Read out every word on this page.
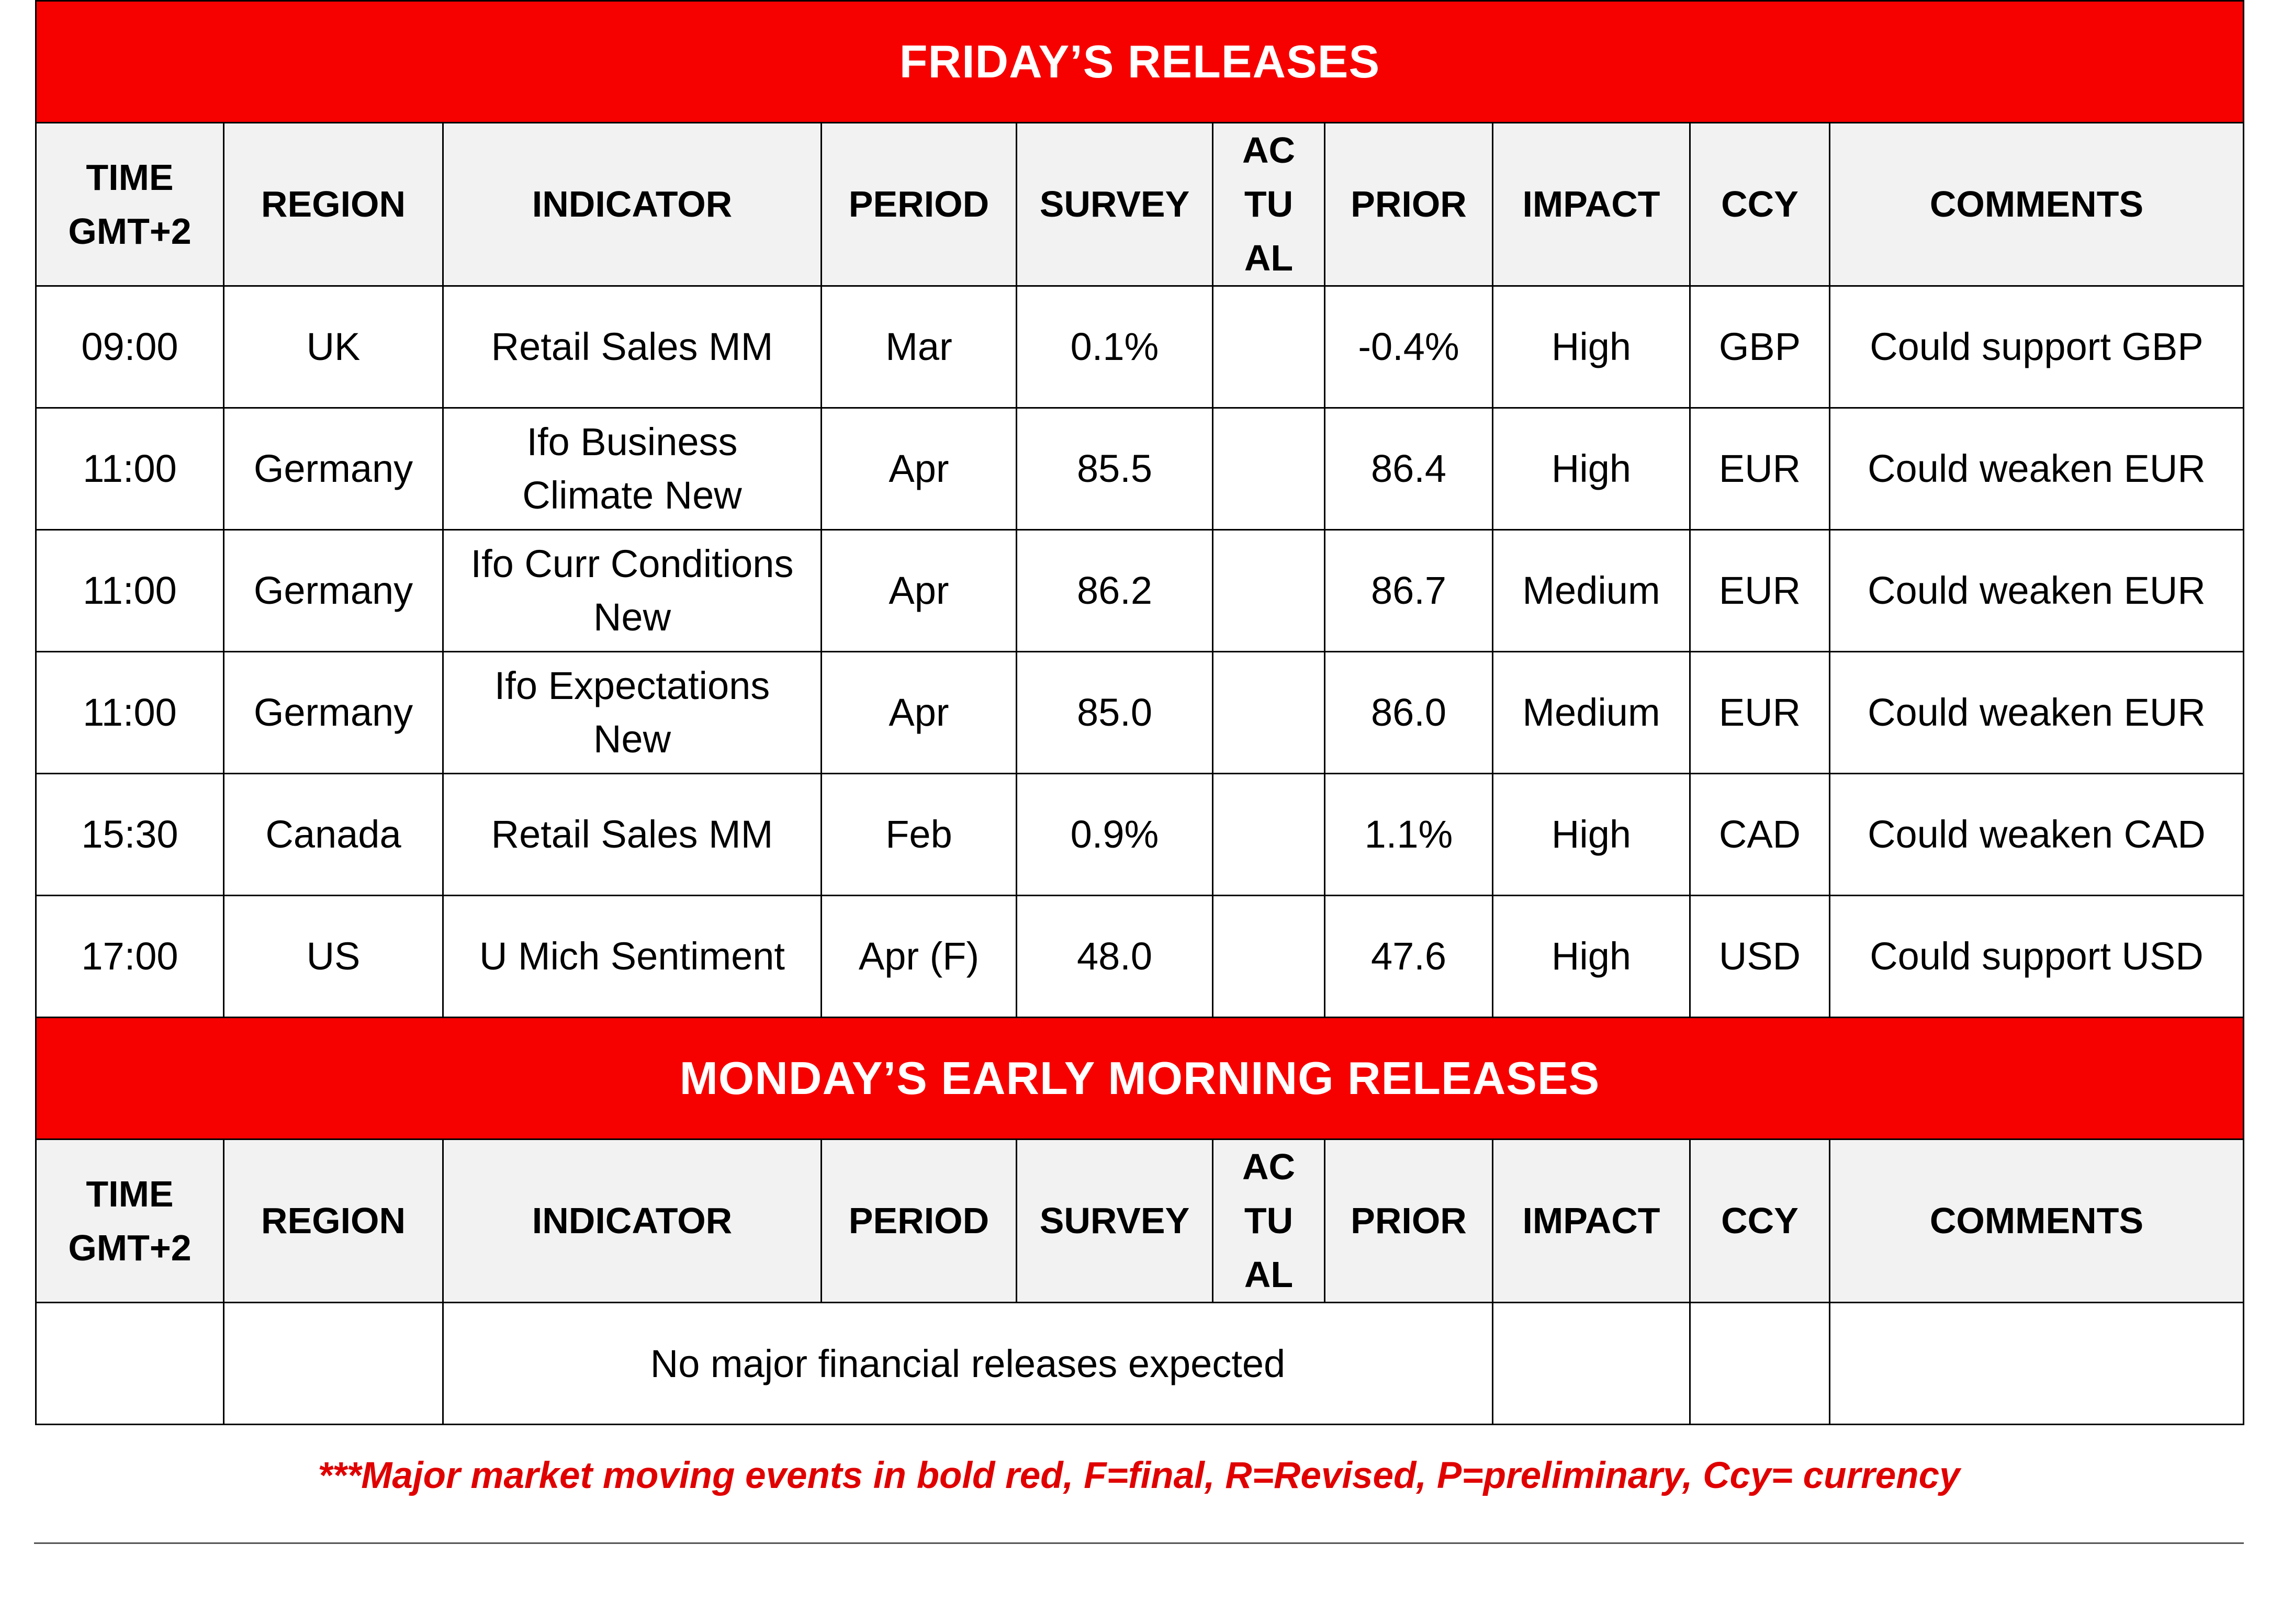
FRIDAY’S RELEASES									
TIME
GMT+2	REGION	INDICATOR	PERIOD	SURVEY	AC
TU
AL	PRIOR	IMPACT	CCY	COMMENTS
09:00	UK	Retail Sales MM	Mar	0.1%		-0.4%	High	GBP	Could support GBP
11:00	Germany	Ifo Business
Climate New	Apr	85.5		86.4	High	EUR	Could weaken EUR
11:00	Germany	Ifo Curr Conditions
New	Apr	86.2		86.7	Medium	EUR	Could weaken EUR
11:00	Germany	Ifo Expectations
New	Apr	85.0		86.0	Medium	EUR	Could weaken EUR
15:30	Canada	Retail Sales MM	Feb	0.9%		1.1%	High	CAD	Could weaken CAD
17:00	US	U Mich Sentiment	Apr (F)	48.0		47.6	High	USD	Could support USD
MONDAY’S EARLY MORNING RELEASES									
TIME
GMT+2	REGION	INDICATOR	PERIOD	SURVEY	AC
TU
AL	PRIOR	IMPACT	CCY	COMMENTS
		No major financial releases expected							
***Major market moving events in bold red, F=final, R=Revised, P=preliminary, Ccy= currency
